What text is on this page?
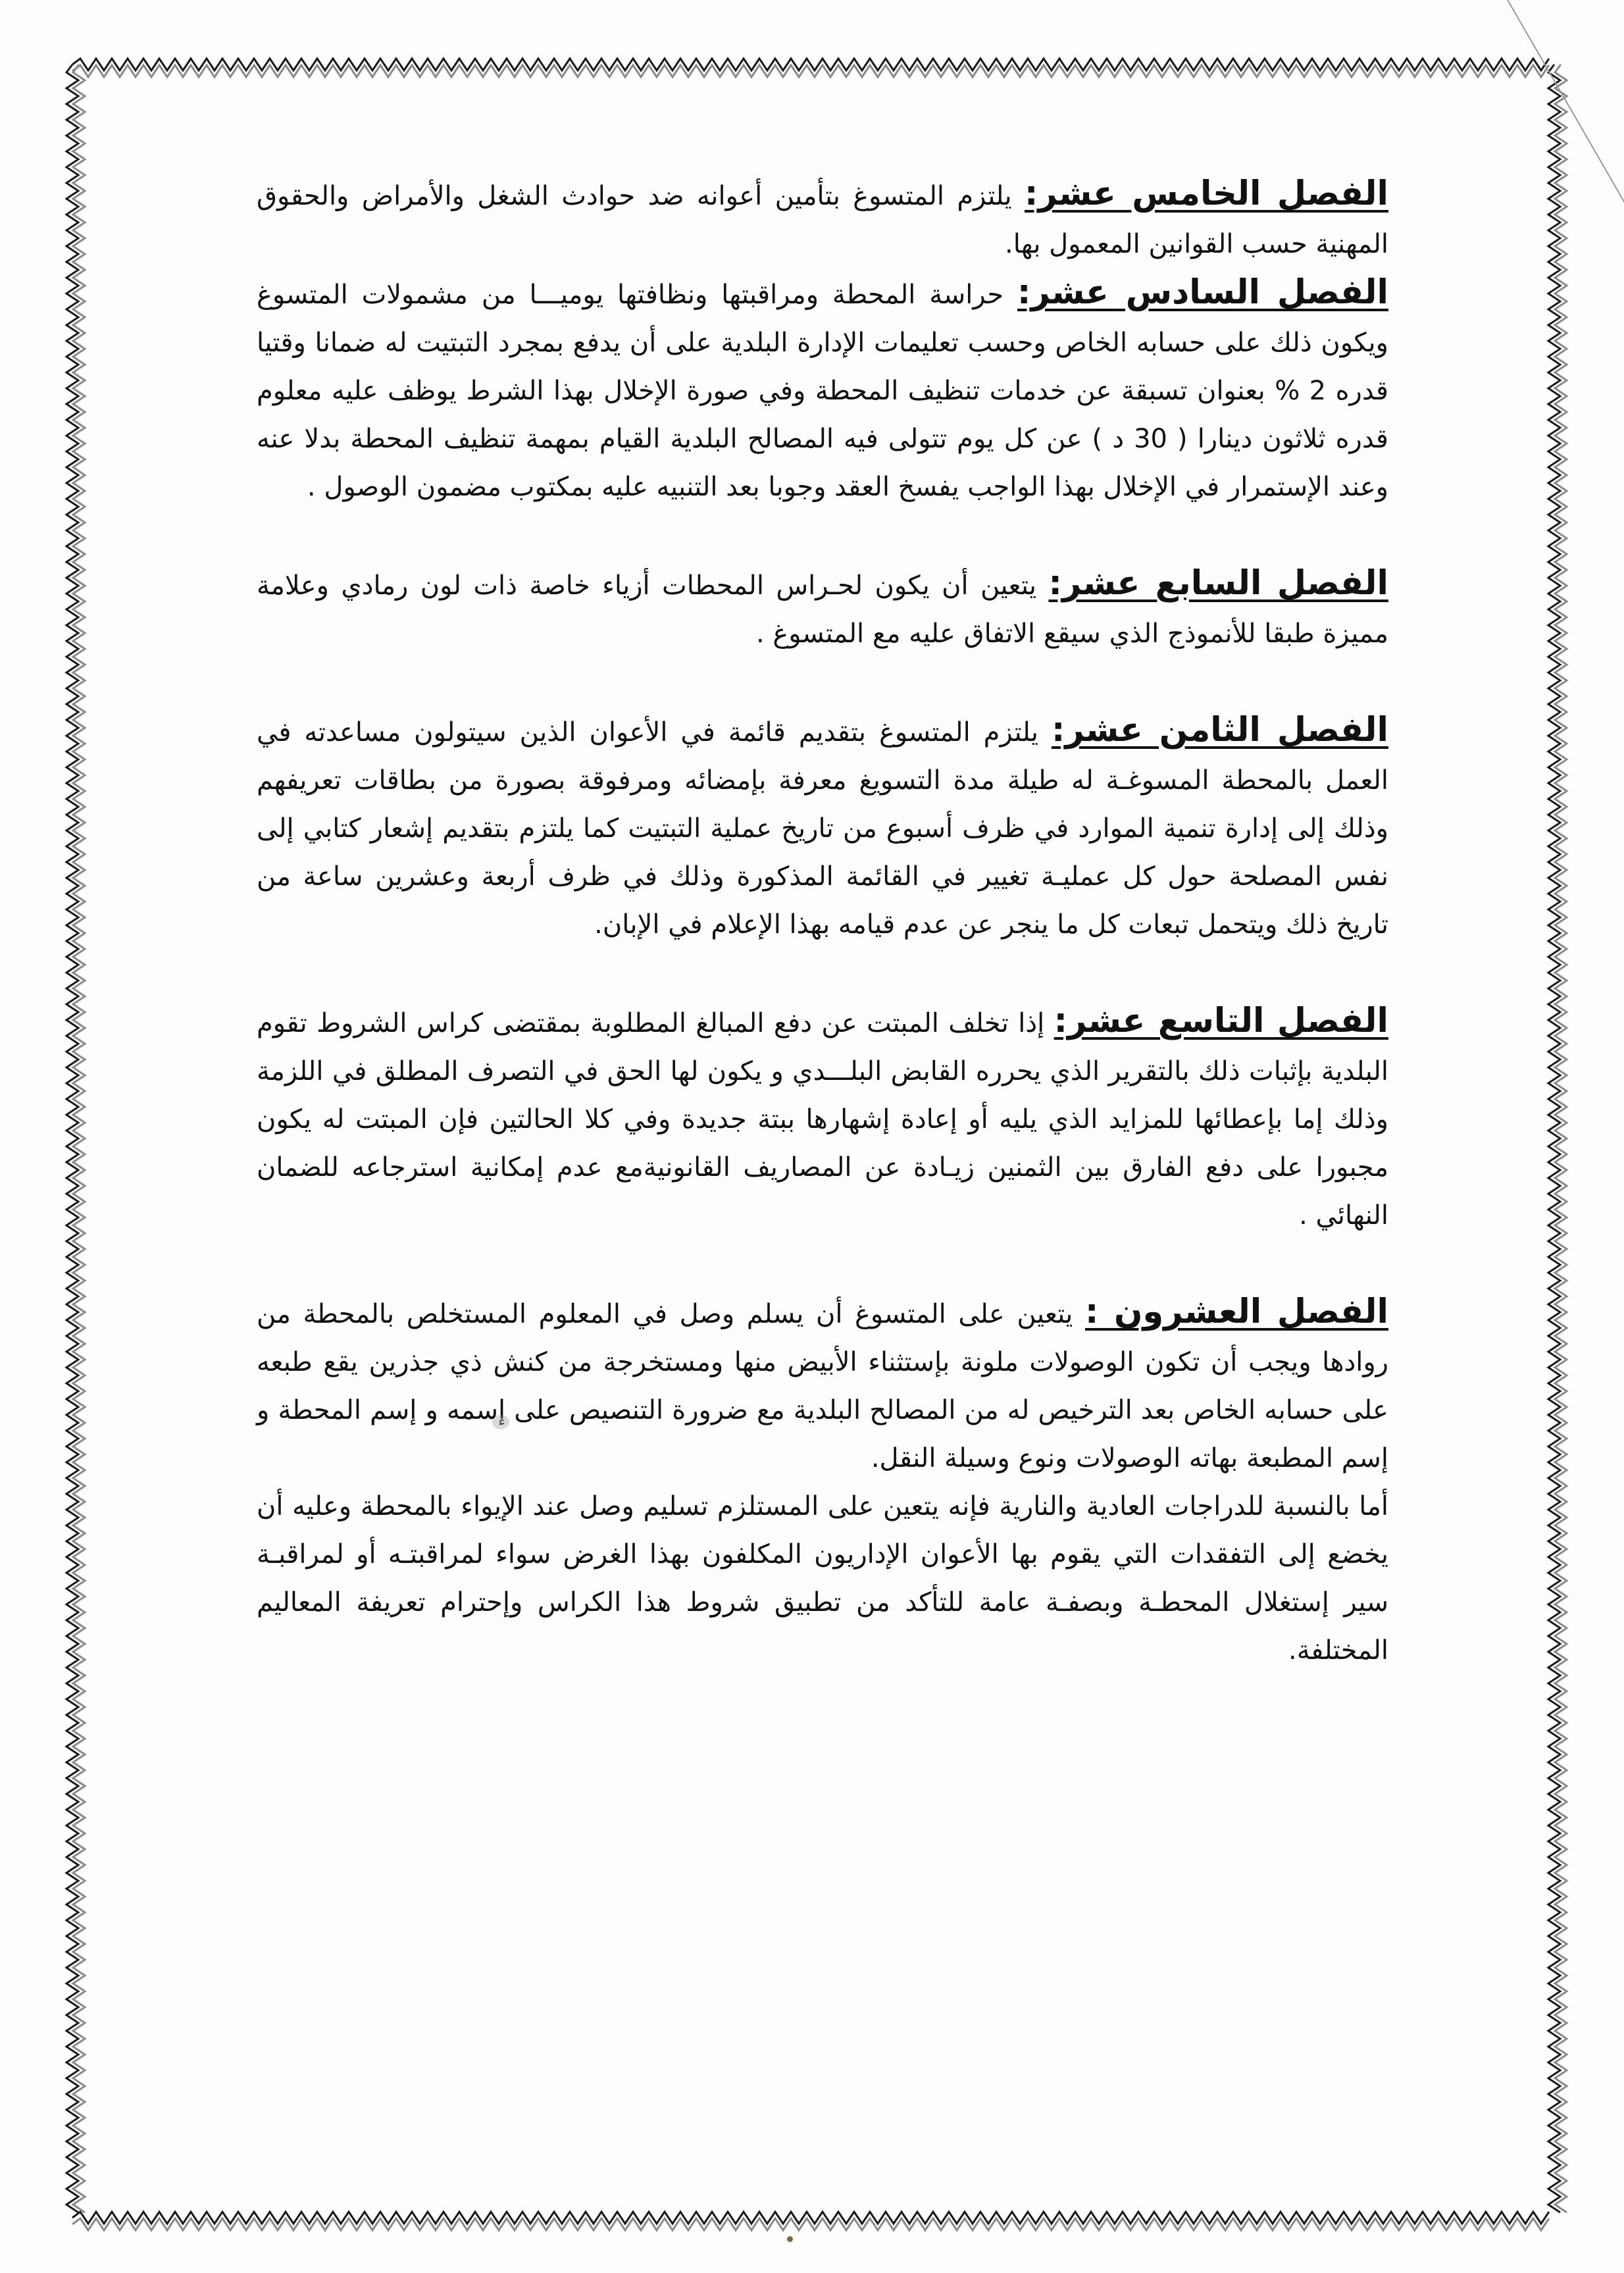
الفصل الخامس عشر: يلتزم المتسوغ بتأمين أعوانه ضد حوادث الشغل والأمراض والحقوق المهنية حسب القوانين المعمول بها.

الفصل السادس عشر: حراسة المحطة ومراقبتها ونظافتها يوميـــا من مشمولات المتسوغ ويكون ذلك على حسابه الخاص وحسب تعليمات الإدارة البلدية على أن يدفع بمجرد التبتيت له ضمانا وقتيا قدره 2 % بعنوان تسبقة عن خدمات تنظيف المحطة وفي صورة الإخلال بهذا الشرط يوظف عليه معلوم قدره ثلاثون دينارا ( 30 د ) عن كل يوم تتولى فيه المصالح البلدية القيام بمهمة تنظيف المحطة بدلا عنه وعند الإستمرار في الإخلال بهذا الواجب يفسخ العقد وجوبا بعد التنبيه عليه بمكتوب مضمون الوصول .

الفصل السابع عشر: يتعين أن يكون لحـراس المحطات أزياء خاصة ذات لون رمادي وعلامة مميزة طبقا للأنموذج الذي سيقع الاتفاق عليه مع المتسوغ .

الفصل الثامن عشر: يلتزم المتسوغ بتقديم قائمة في الأعوان الذين سيتولون مساعدته في العمل بالمحطة المسوغـة له طيلة مدة التسويغ معرفة بإمضائه ومرفوقة بصورة من بطاقات تعريفهم وذلك إلى إدارة تنمية الموارد في ظرف أسبوع من تاريخ عملية التبتيت كما يلتزم بتقديم إشعار كتابي إلى نفس المصلحة حول كل عمليـة تغيير في القائمة المذكورة وذلك في ظرف أربعة وعشرين ساعة من تاريخ ذلك ويتحمل تبعات كل ما ينجر عن عدم قيامه بهذا الإعلام في الإبان.

الفصل التاسع عشر: إذا تخلف المبتت عن دفع المبالغ المطلوبة بمقتضى كراس الشروط تقوم البلدية بإثبات ذلك بالتقرير الذي يحرره القابض البلـــدي و يكون لها الحق في التصرف المطلق في اللزمة وذلك إما بإعطائها للمزايد الذي يليه أو إعادة إشهارها ببتة جديدة وفي كلا الحالتين فإن المبتت له يكون مجبورا على دفع الفارق بين الثمنين زيـادة عن المصاريف القانونيةمع عدم إمكانية استرجاعه للضمان النهائي .

الفصل العشرون : يتعين على المتسوغ أن يسلم وصل في المعلوم المستخلص بالمحطة من روادها ويجب أن تكون الوصولات ملونة بإستثناء الأبيض منها ومستخرجة من كنش ذي جذرين يقع طبعه على حسابه الخاص بعد الترخيص له من المصالح البلدية مع ضرورة التنصيص على إسمه و إسم المحطة و إسم المطبعة بهاته الوصولات ونوع وسيلة النقل.

أما بالنسبة للدراجات العادية والنارية فإنه يتعين على المستلزم تسليم وصل عند الإيواء بالمحطة وعليه أن يخضع إلى التفقدات التي يقوم بها الأعوان الإداريون المكلفون بهذا الغرض سواء لمراقبتـه أو لمراقبـة سير إستغلال المحطـة وبصفـة عامة للتأكد من تطبيق شروط هذا الكراس وإحترام تعريفة المعاليم المختلفة.
